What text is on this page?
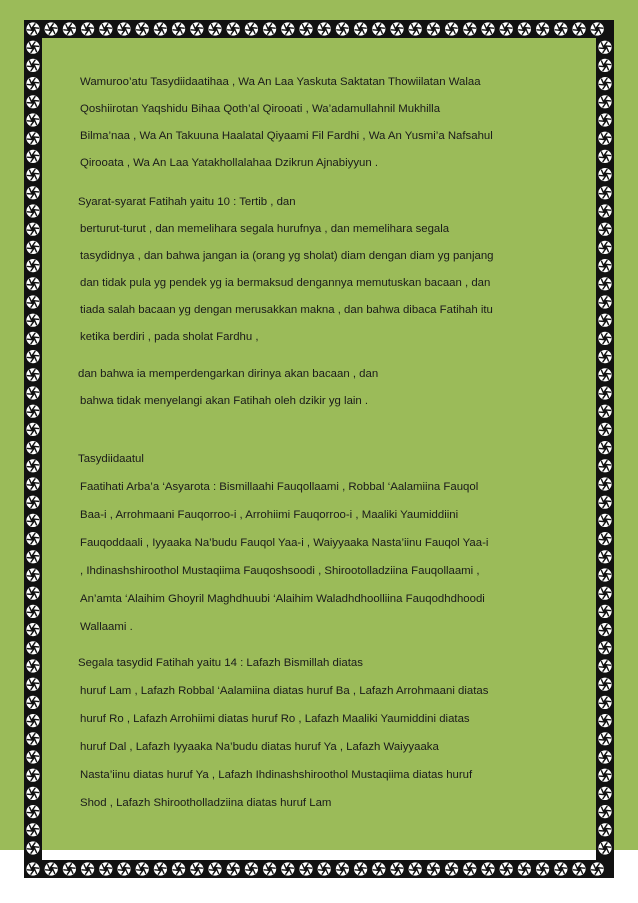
Wamuroo’atu Tasydiidaatihaa , Wa An Laa Yaskuta Saktatan Thowiilatan Walaa
Qoshiirotan Yaqshidu Bihaa Qoth’al Qirooati , Wa’adamullahnil Mukhilla
Bilma’naa , Wa An Takuuna Haalatal Qiyaami Fil Fardhi , Wa An Yusmi’a Nafsahul
Qirooata , Wa An Laa Yatakhollalahaa Dzikrun Ajnabiyyun .
Syarat-syarat Fatihah yaitu 10 : Tertib , dan
berturut-turut , dan memelihara segala hurufnya , dan memelihara segala
tasydidnya , dan bahwa jangan ia (orang yg sholat) diam dengan diam yg panjang
dan tidak pula yg pendek yg ia bermaksud dengannya memutuskan bacaan , dan
tiada salah bacaan yg dengan merusakkan makna , dan bahwa dibaca Fatihah itu
ketika berdiri , pada sholat Fardhu ,
dan bahwa ia memperdengarkan dirinya akan bacaan , dan
bahwa tidak menyelangi akan Fatihah oleh dzikir yg lain .
Tasydiidaatul
Faatihati Arba’a ‘Asyarota : Bismillaahi Fauqollaami , Robbal ‘Aalamiina Fauqol
Baa-i , Arrohmaani Fauqorroo-i , Arrohiimi Fauqorroo-i , Maaliki Yaumiddiini
Fauqoddaali , Iyyaaka Na’budu Fauqol Yaa-i , Waiyyaaka Nasta’iinu Fauqol Yaa-i
, Ihdinashshiroothol Mustaqiima Fauqoshsoodi , Shirootolladziina Fauqollaami ,
An’amta ‘Alaihim Ghoyril Maghdhuubi ‘Alaihim Waladhdhoolliina Fauqodhdhoodi
Wallaami .
Segala tasydid Fatihah yaitu 14 : Lafazh Bismillah diatas
huruf Lam , Lafazh Robbal ‘Aalamiina diatas huruf Ba , Lafazh Arrohmaani diatas
huruf Ro , Lafazh Arrohiimi diatas huruf Ro , Lafazh Maaliki Yaumiddini diatas
huruf Dal , Lafazh Iyyaaka Na’budu diatas huruf Ya , Lafazh Waiyyaaka
Nasta’iinu diatas huruf Ya , Lafazh Ihdinashshiroothol Mustaqiima diatas huruf
Shod , Lafazh Shirootholladziina diatas huruf Lam
